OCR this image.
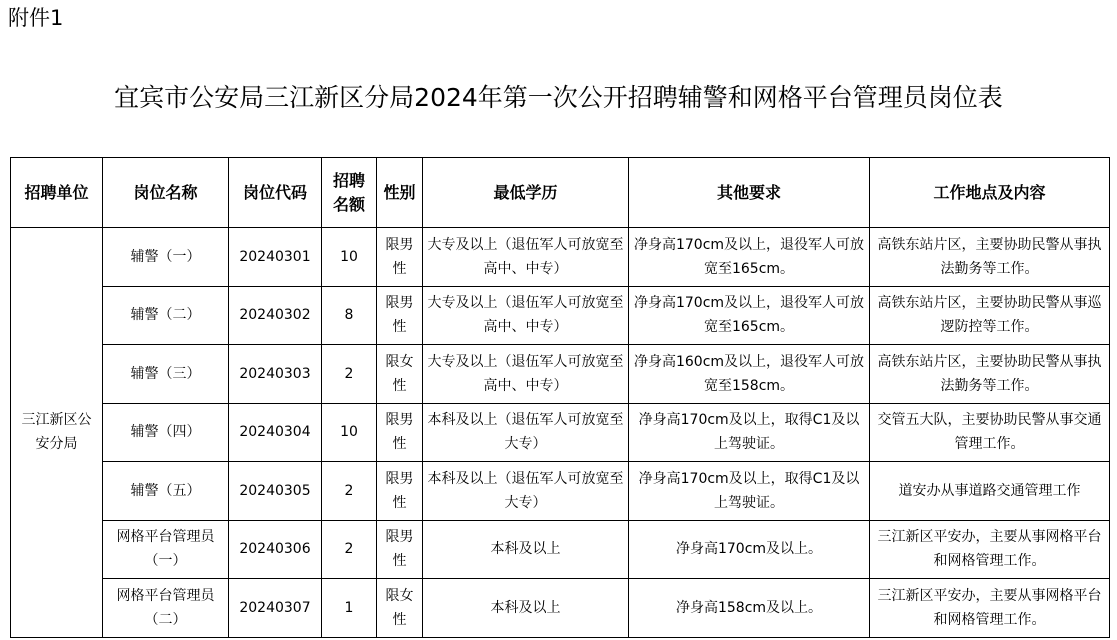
附件1
宜宾市公安局三江新区分局2024年第一次公开招聘辅警和网格平台管理员岗位表
招聘单位	岗位名称	岗位代码	招聘名额	性别	最低学历	其他要求	工作地点及内容
三江新区公安分局	辅警（一）	20240301	10	限男性	大专及以上（退伍军人可放宽至高中、中专）	净身高170cm及以上，退役军人可放宽至165cm。	高铁东站片区，主要协助民警从事执法勤务等工作。
	辅警（二）	20240302	8	限男性	大专及以上（退伍军人可放宽至高中、中专）	净身高170cm及以上，退役军人可放宽至165cm。	高铁东站片区，主要协助民警从事巡逻防控等工作。
	辅警（三）	20240303	2	限女性	大专及以上（退伍军人可放宽至高中、中专）	净身高160cm及以上，退役军人可放宽至158cm。	高铁东站片区，主要协助民警从事执法勤务等工作。
	辅警（四）	20240304	10	限男性	本科及以上（退伍军人可放宽至大专）	净身高170cm及以上，取得C1及以上驾驶证。	交管五大队，主要协助民警从事交通管理工作。
	辅警（五）	20240305	2	限男性	本科及以上（退伍军人可放宽至大专）	净身高170cm及以上，取得C1及以上驾驶证。	道安办从事道路交通管理工作
	网格平台管理员（一）	20240306	2	限男性	本科及以上	净身高170cm及以上。	三江新区平安办，主要从事网格平台和网格管理工作。
	网格平台管理员（二）	20240307	1	限女性	本科及以上	净身高158cm及以上。	三江新区平安办，主要从事网格平台和网格管理工作。
